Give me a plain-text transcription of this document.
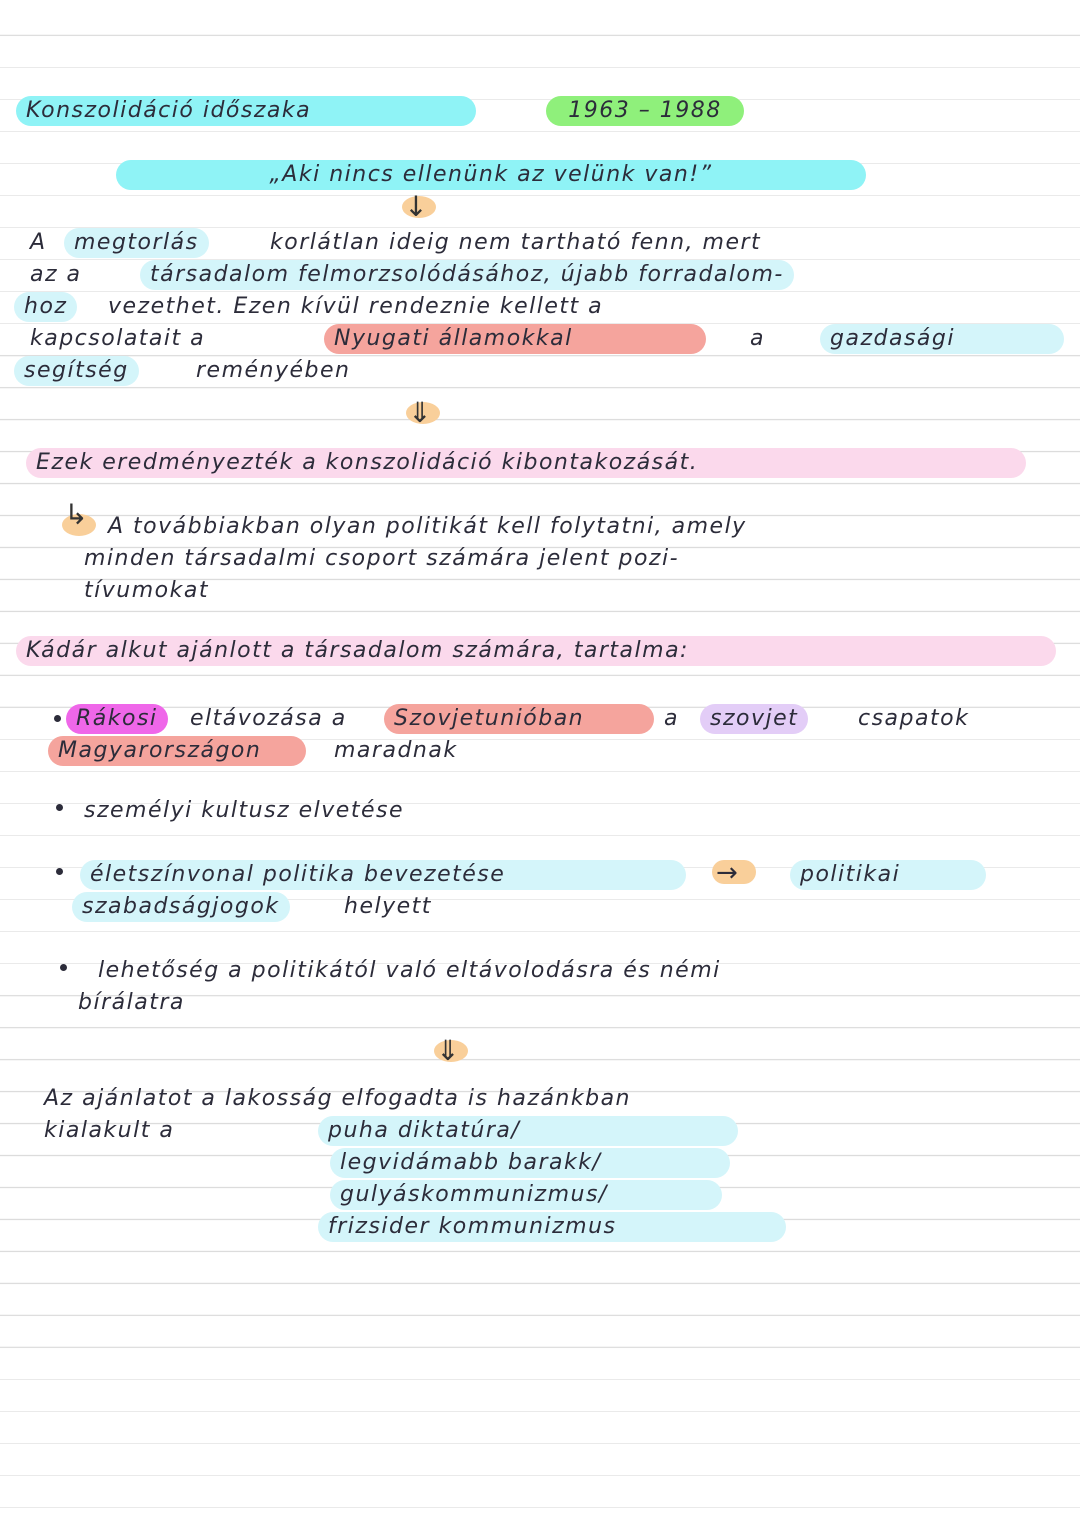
Konszolidáció időszaka	1963 – 1988
„Aki nincs ellenünk az velünk van!”
↓
A	megtorlás	korlátlan ideig nem tartható fenn, mert
az a	társadalom felmorzsolódásához, újabb forradalom-
hoz	vezethet. Ezen kívül rendeznie kellett a
kapcsolatait a	Nyugati államokkal	a	gazdasági
segítség	reményében
⇓
Ezek eredményezték a konszolidáció kibontakozását.
↳ A továbbiakban olyan politikát kell folytatni, amely
minden társadalmi csoport számára jelent pozi-
tívumokat
Kádár alkut ajánlott a társadalom számára, tartalma:
Rákosi	eltávozása a	Szovjetunióban	a	szovjet	csapatok
Magyarországon	maradnak
személyi kultusz elvetése
életszínvonal politika bevezetése	→	politikai
szabadságjogok	helyett
lehetőség a politikától való eltávolodásra és némi
bírálatra
⇓
Az ajánlatot a lakosság elfogadta is hazánkban
kialakult a	puha diktatúra/
legvidámabb barakk/
gulyáskommunizmus/
frizsider kommunizmus
